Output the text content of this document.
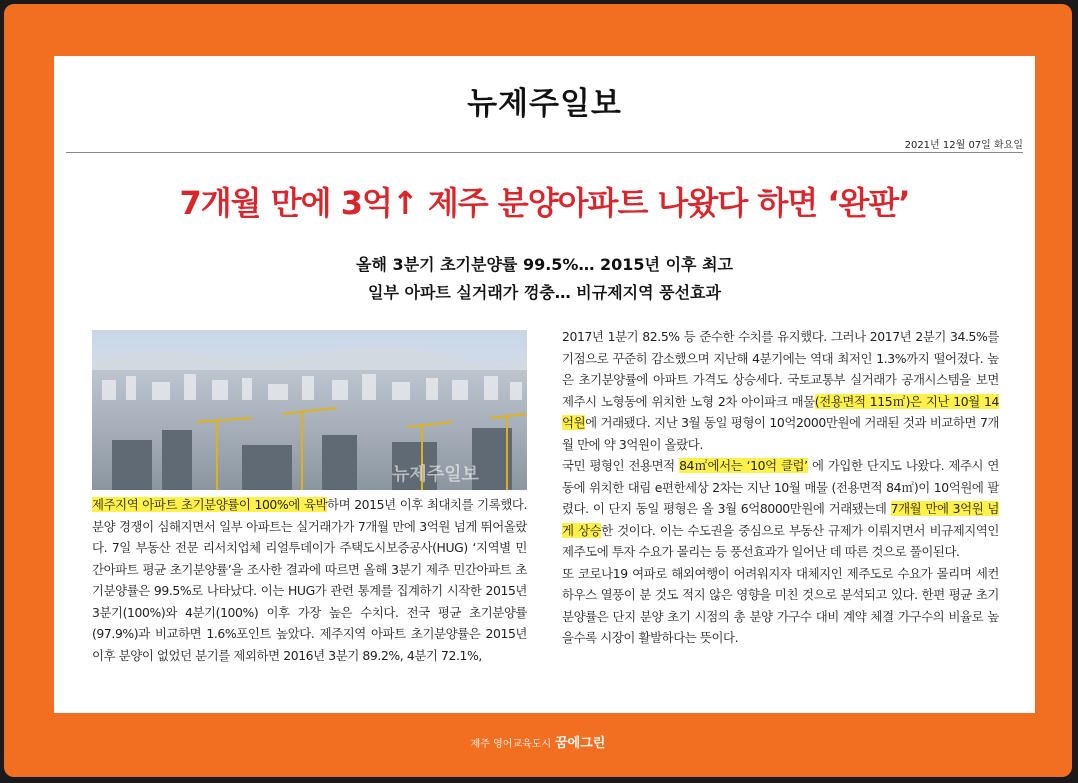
뉴제주일보
2021년 12월 07일 화요일
7개월 만에 3억↑ 제주 분양아파트 나왔다 하면 ‘완판’
올해 3분기 초기분양률 99.5%… 2015년 이후 최고
일부 아파트 실거래가 껑충… 비규제지역 풍선효과
뉴제주일보

제주지역 아파트 초기분양률이 100%에 육박하며 2015년 이후 최대치를 기록했다. 분양 경쟁이 심해지면서 일부 아파트는 실거래가가 7개월 만에 3억원 넘게 뛰어올랐다. 7일 부동산 전문 리서치업체 리얼투데이가 주택도시보증공사(HUG) ‘지역별 민간아파트 평균 초기분양률’을 조사한 결과에 따르면 올해 3분기 제주 민간아파트 초기분양률은 99.5%로 나타났다. 이는 HUG가 관련 통계를 집계하기 시작한 2015년 3분기(100%)와 4분기(100%) 이후 가장 높은 수치다. 전국 평균 초기분양률(97.9%)과 비교하면 1.6%포인트 높았다. 제주지역 아파트 초기분양률은 2015년 이후 분양이 없었던 분기를 제외하면 2016년 3분기 89.2%, 4분기 72.1%,

2017년 1분기 82.5% 등 준수한 수치를 유지했다. 그러나 2017년 2분기 34.5%를 기점으로 꾸준히 감소했으며 지난해 4분기에는 역대 최저인 1.3%까지 떨어졌다. 높은 초기분양률에 아파트 가격도 상승세다. 국토교통부 실거래가 공개시스템을 보면 제주시 노형동에 위치한 노형 2차 아이파크 매물(전용면적 115㎡)은 지난 10월 14억원에 거래됐다. 지난 3월 동일 평형이 10억2000만원에 거래된 것과 비교하면 7개월 만에 약 3억원이 올랐다.

국민 평형인 전용면적 84㎡에서는 ‘10억 클럽’ 에 가입한 단지도 나왔다. 제주시 연동에 위치한 대림 e편한세상 2차는 지난 10월 매물 (전용면적 84㎡)이 10억원에 팔렸다. 이 단지 동일 평형은 올 3월 6억8000만원에 거래됐는데 7개월 만에 3억원 넘게 상승한 것이다. 이는 수도권을 중심으로 부동산 규제가 이뤄지면서 비규제지역인 제주도에 투자 수요가 몰리는 등 풍선효과가 일어난 데 따른 것으로 풀이된다.

또 코로나19 여파로 해외여행이 어려워지자 대체지인 제주도로 수요가 몰리며 세컨하우스 열풍이 분 것도 적지 않은 영향을 미친 것으로 분석되고 있다. 한편 평균 초기분양률은 단지 분양 초기 시점의 총 분양 가구수 대비 계약 체결 가구수의 비율로 높을수록 시장이 활발하다는 뜻이다.

제주 영어교육도시 꿈에그린
